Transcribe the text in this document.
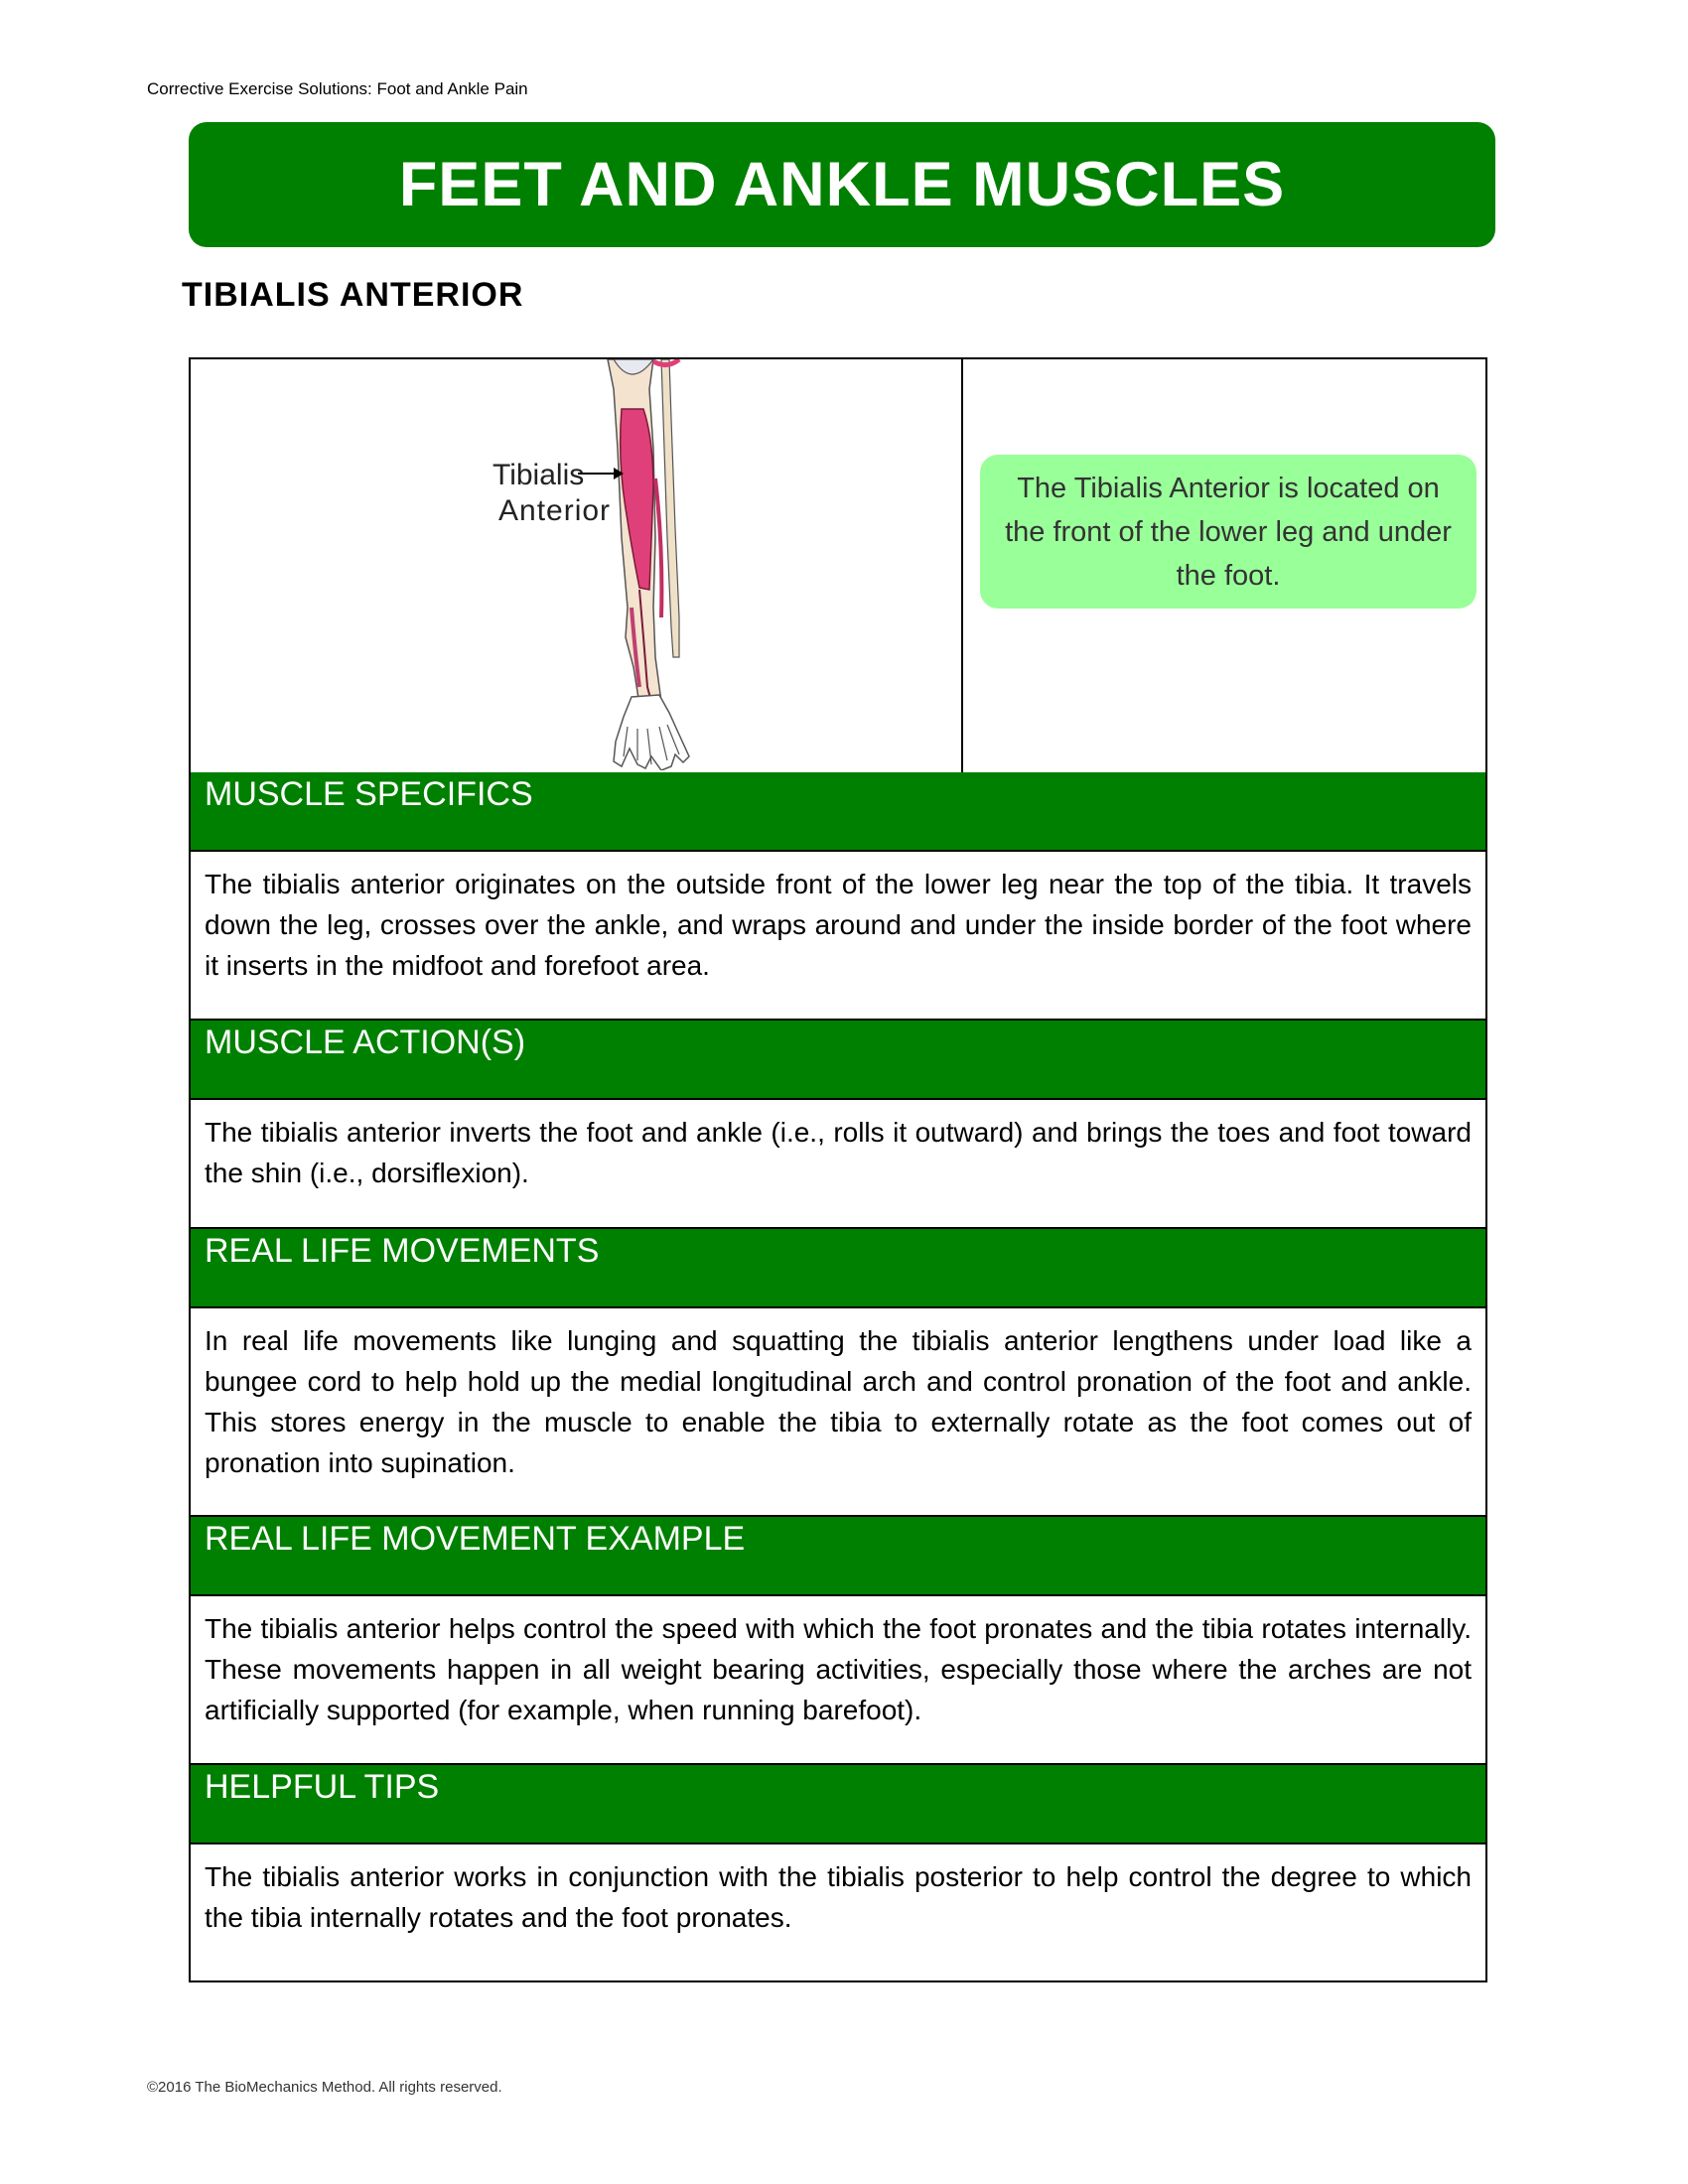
Corrective Exercise Solutions: Foot and Ankle Pain
FEET AND ANKLE MUSCLES
TIBIALIS ANTERIOR
Tibialis
Anterior
The Tibialis Anterior is located on the front of the lower leg and under the foot.
MUSCLE SPECIFICS
The tibialis anterior originates on the outside front of the lower leg near the top of the tibia. It travels down the leg, crosses over the ankle, and wraps around and under the inside border of the foot where it inserts in the midfoot and forefoot area.
MUSCLE ACTION(S)
The tibialis anterior inverts the foot and ankle (i.e., rolls it outward) and brings the toes and foot toward the shin (i.e., dorsiflexion).
REAL LIFE MOVEMENTS
In real life movements like lunging and squatting the tibialis anterior lengthens under load like a bungee cord to help hold up the medial longitudinal arch and control pronation of the foot and ankle. This stores energy in the muscle to enable the tibia to externally rotate as the foot comes out of pronation into supination.
REAL LIFE MOVEMENT EXAMPLE
The tibialis anterior helps control the speed with which the foot pronates and the tibia rotates internally. These movements happen in all weight bearing activities, especially those where the arches are not artificially supported (for example, when running barefoot).
HELPFUL TIPS
The tibialis anterior works in conjunction with the tibialis posterior to help control the degree to which the tibia internally rotates and the foot pronates.
©2016 The BioMechanics Method. All rights reserved.
